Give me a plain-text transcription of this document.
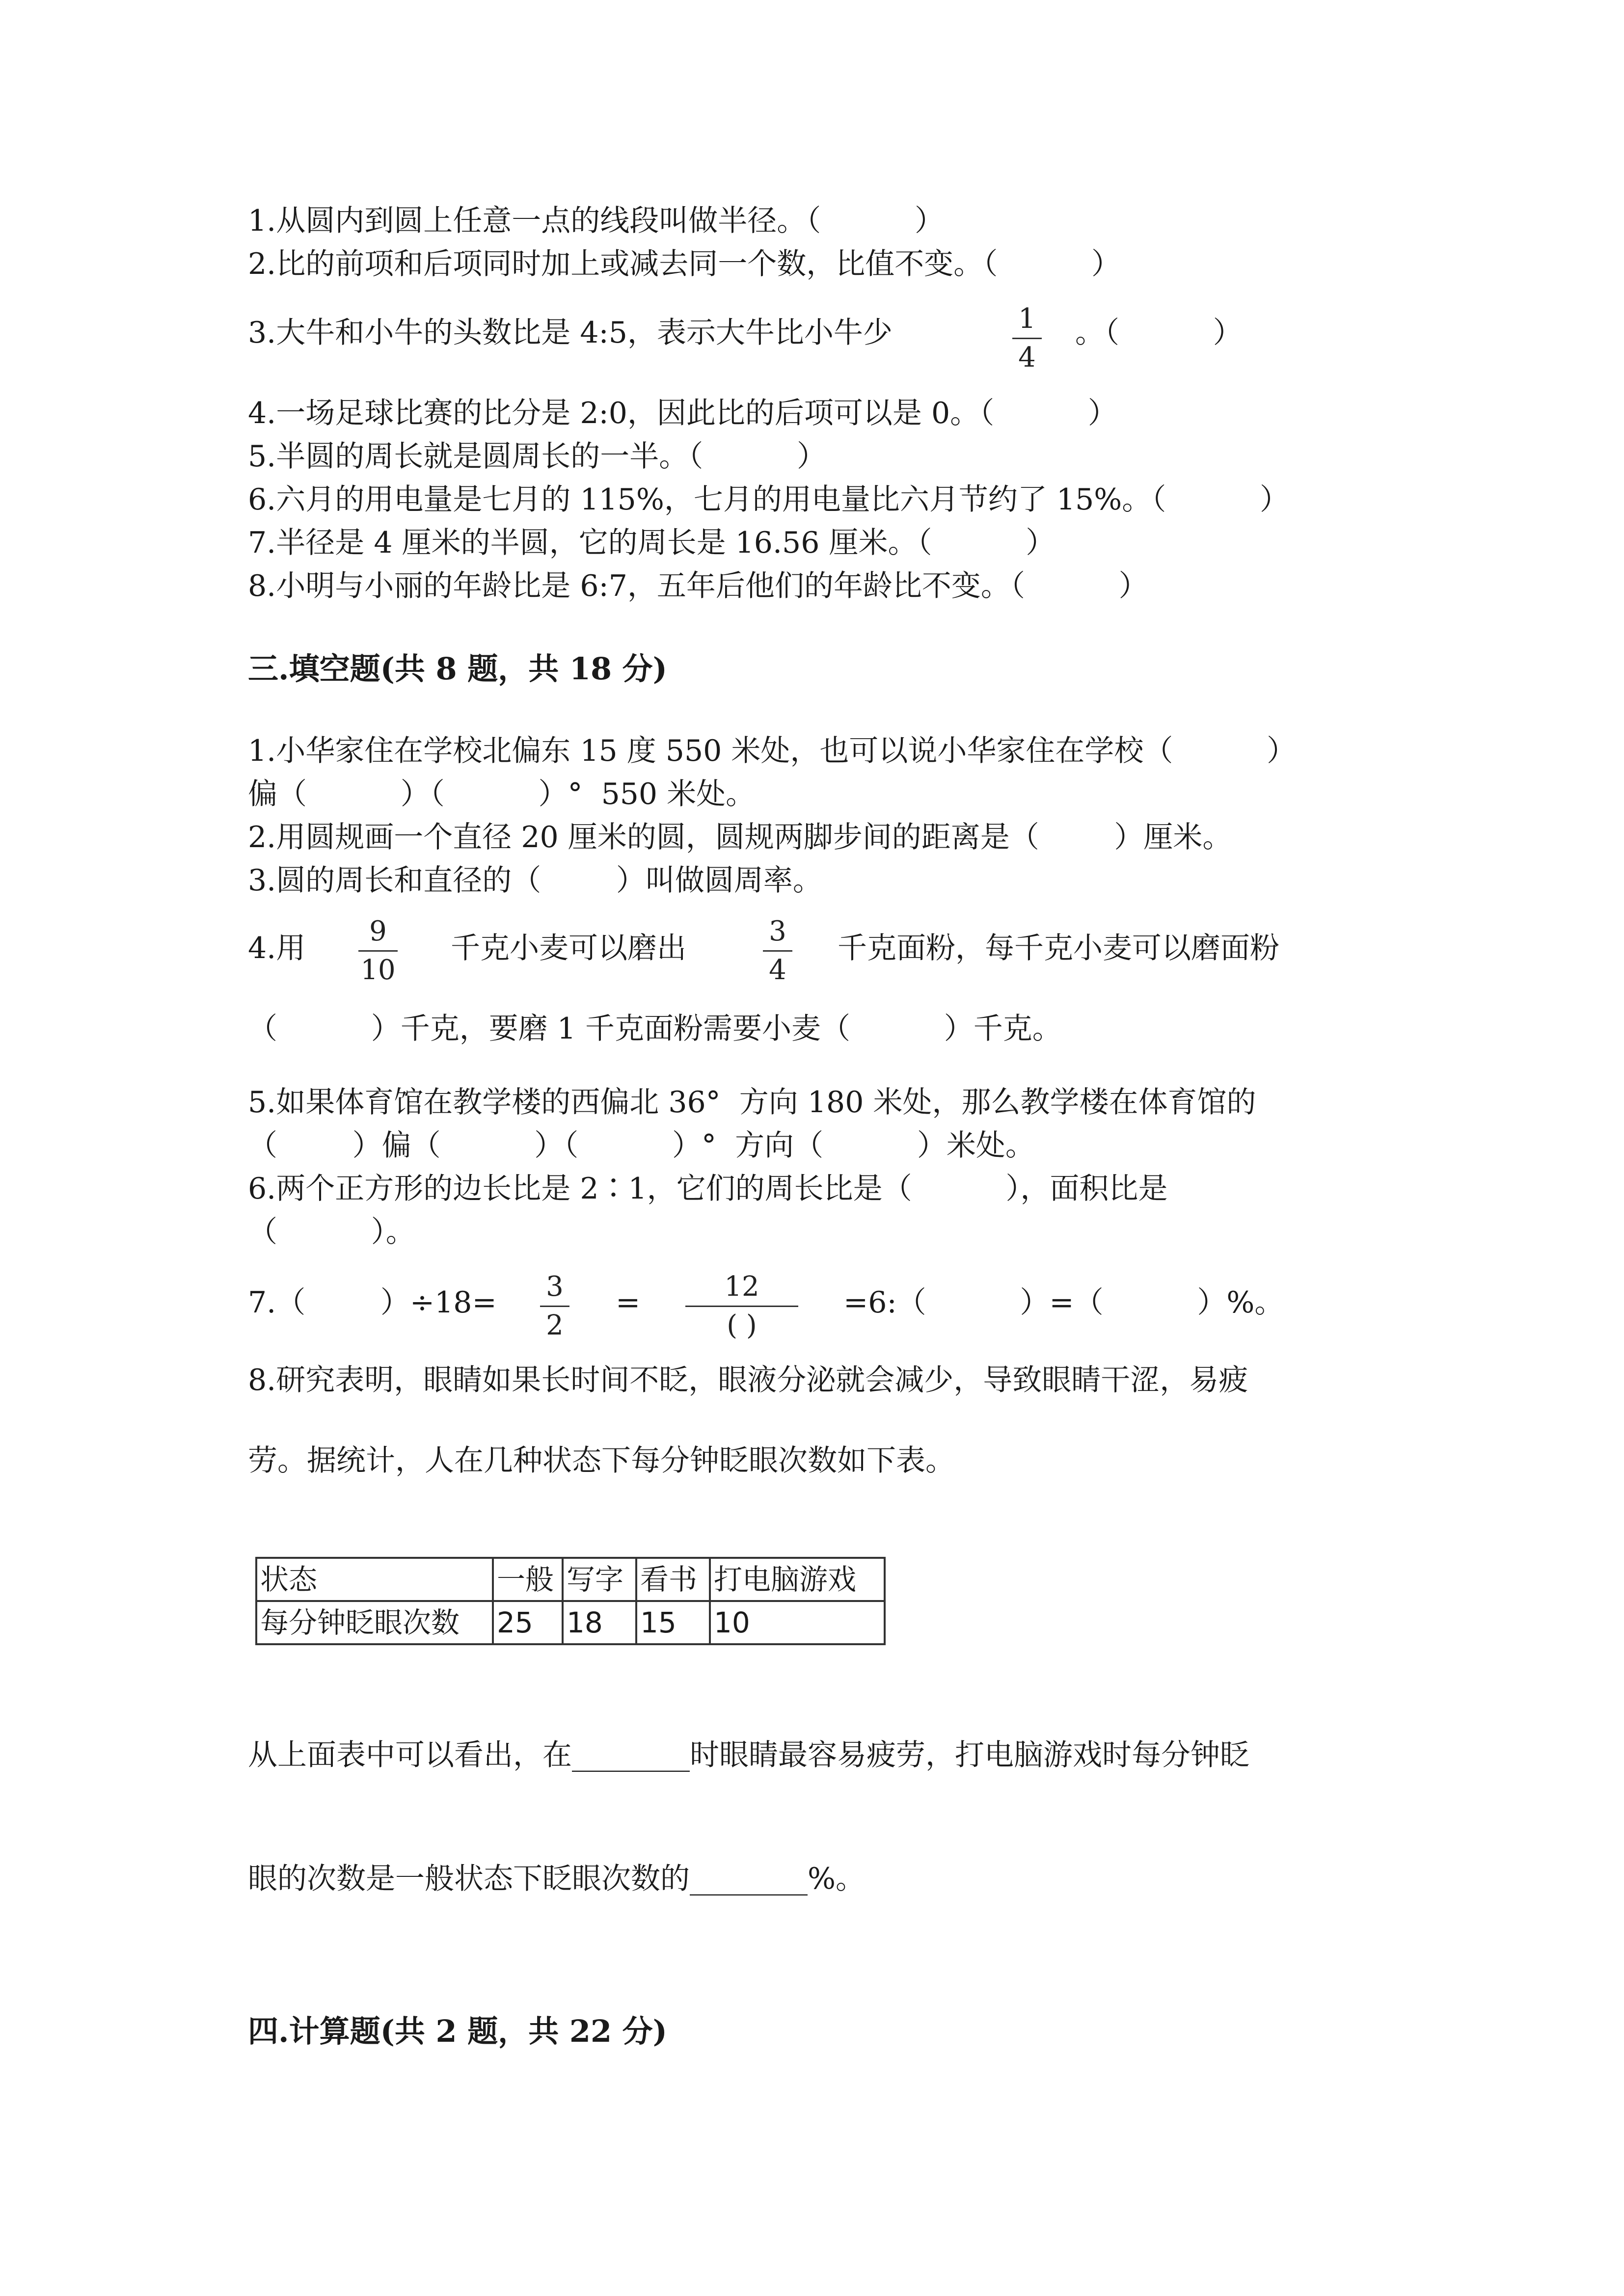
1.从圆内到圆上任意一点的线段叫做半径。（          ）
2.比的前项和后项同时加上或减去同一个数，比值不变。（          ）
3.大牛和小牛的头数比是 4:5，表示大牛比小牛少	1
4
。（          ）
4.一场足球比赛的比分是 2:0，因此比的后项可以是 0。（          ）
5.半圆的周长就是圆周长的一半。（          ）
6.六月的用电量是七月的 115%，七月的用电量比六月节约了 15%。（          ）
7.半径是 4 厘米的半圆，它的周长是 16.56 厘米。（          ）
8.小明与小丽的年龄比是 6:7，五年后他们的年龄比不变。（          ）
三.填空题(共 8 题，共 18 分)
1.小华家住在学校北偏东 15 度 550 米处，也可以说小华家住在学校（          ）
偏（          ）（          ）°  550 米处。
2.用圆规画一个直径 20 厘米的圆，圆规两脚步间的距离是（        ）厘米。
3.圆的周长和直径的（        ）叫做圆周率。
4.用	9
10
千克小麦可以磨出	3
4
千克面粉，每千克小麦可以磨面粉
（          ）千克，要磨 1 千克面粉需要小麦（          ）千克。
5.如果体育馆在教学楼的西偏北 36°  方向 180 米处，那么教学楼在体育馆的
（        ）偏（          ）（          ）°  方向（          ）米处。
6.两个正方形的边长比是 2∶1，它们的周长比是（          ），面积比是
（          ）。
7.（        ）÷18= 3
2
=	12
( )
=6:（          ）=（          ）%。
8.研究表明，眼睛如果长时间不眨，眼液分泌就会减少，导致眼睛干涩，易疲
劳。据统计，人在几种状态下每分钟眨眼次数如下表。
状态	一般	写字	看书	打电脑游戏
每分钟眨眼次数	25	18	15	10
从上面表中可以看出，在________时眼睛最容易疲劳，打电脑游戏时每分钟眨
眼的次数是一般状态下眨眼次数的________%。
四.计算题(共 2 题，共 22 分)
